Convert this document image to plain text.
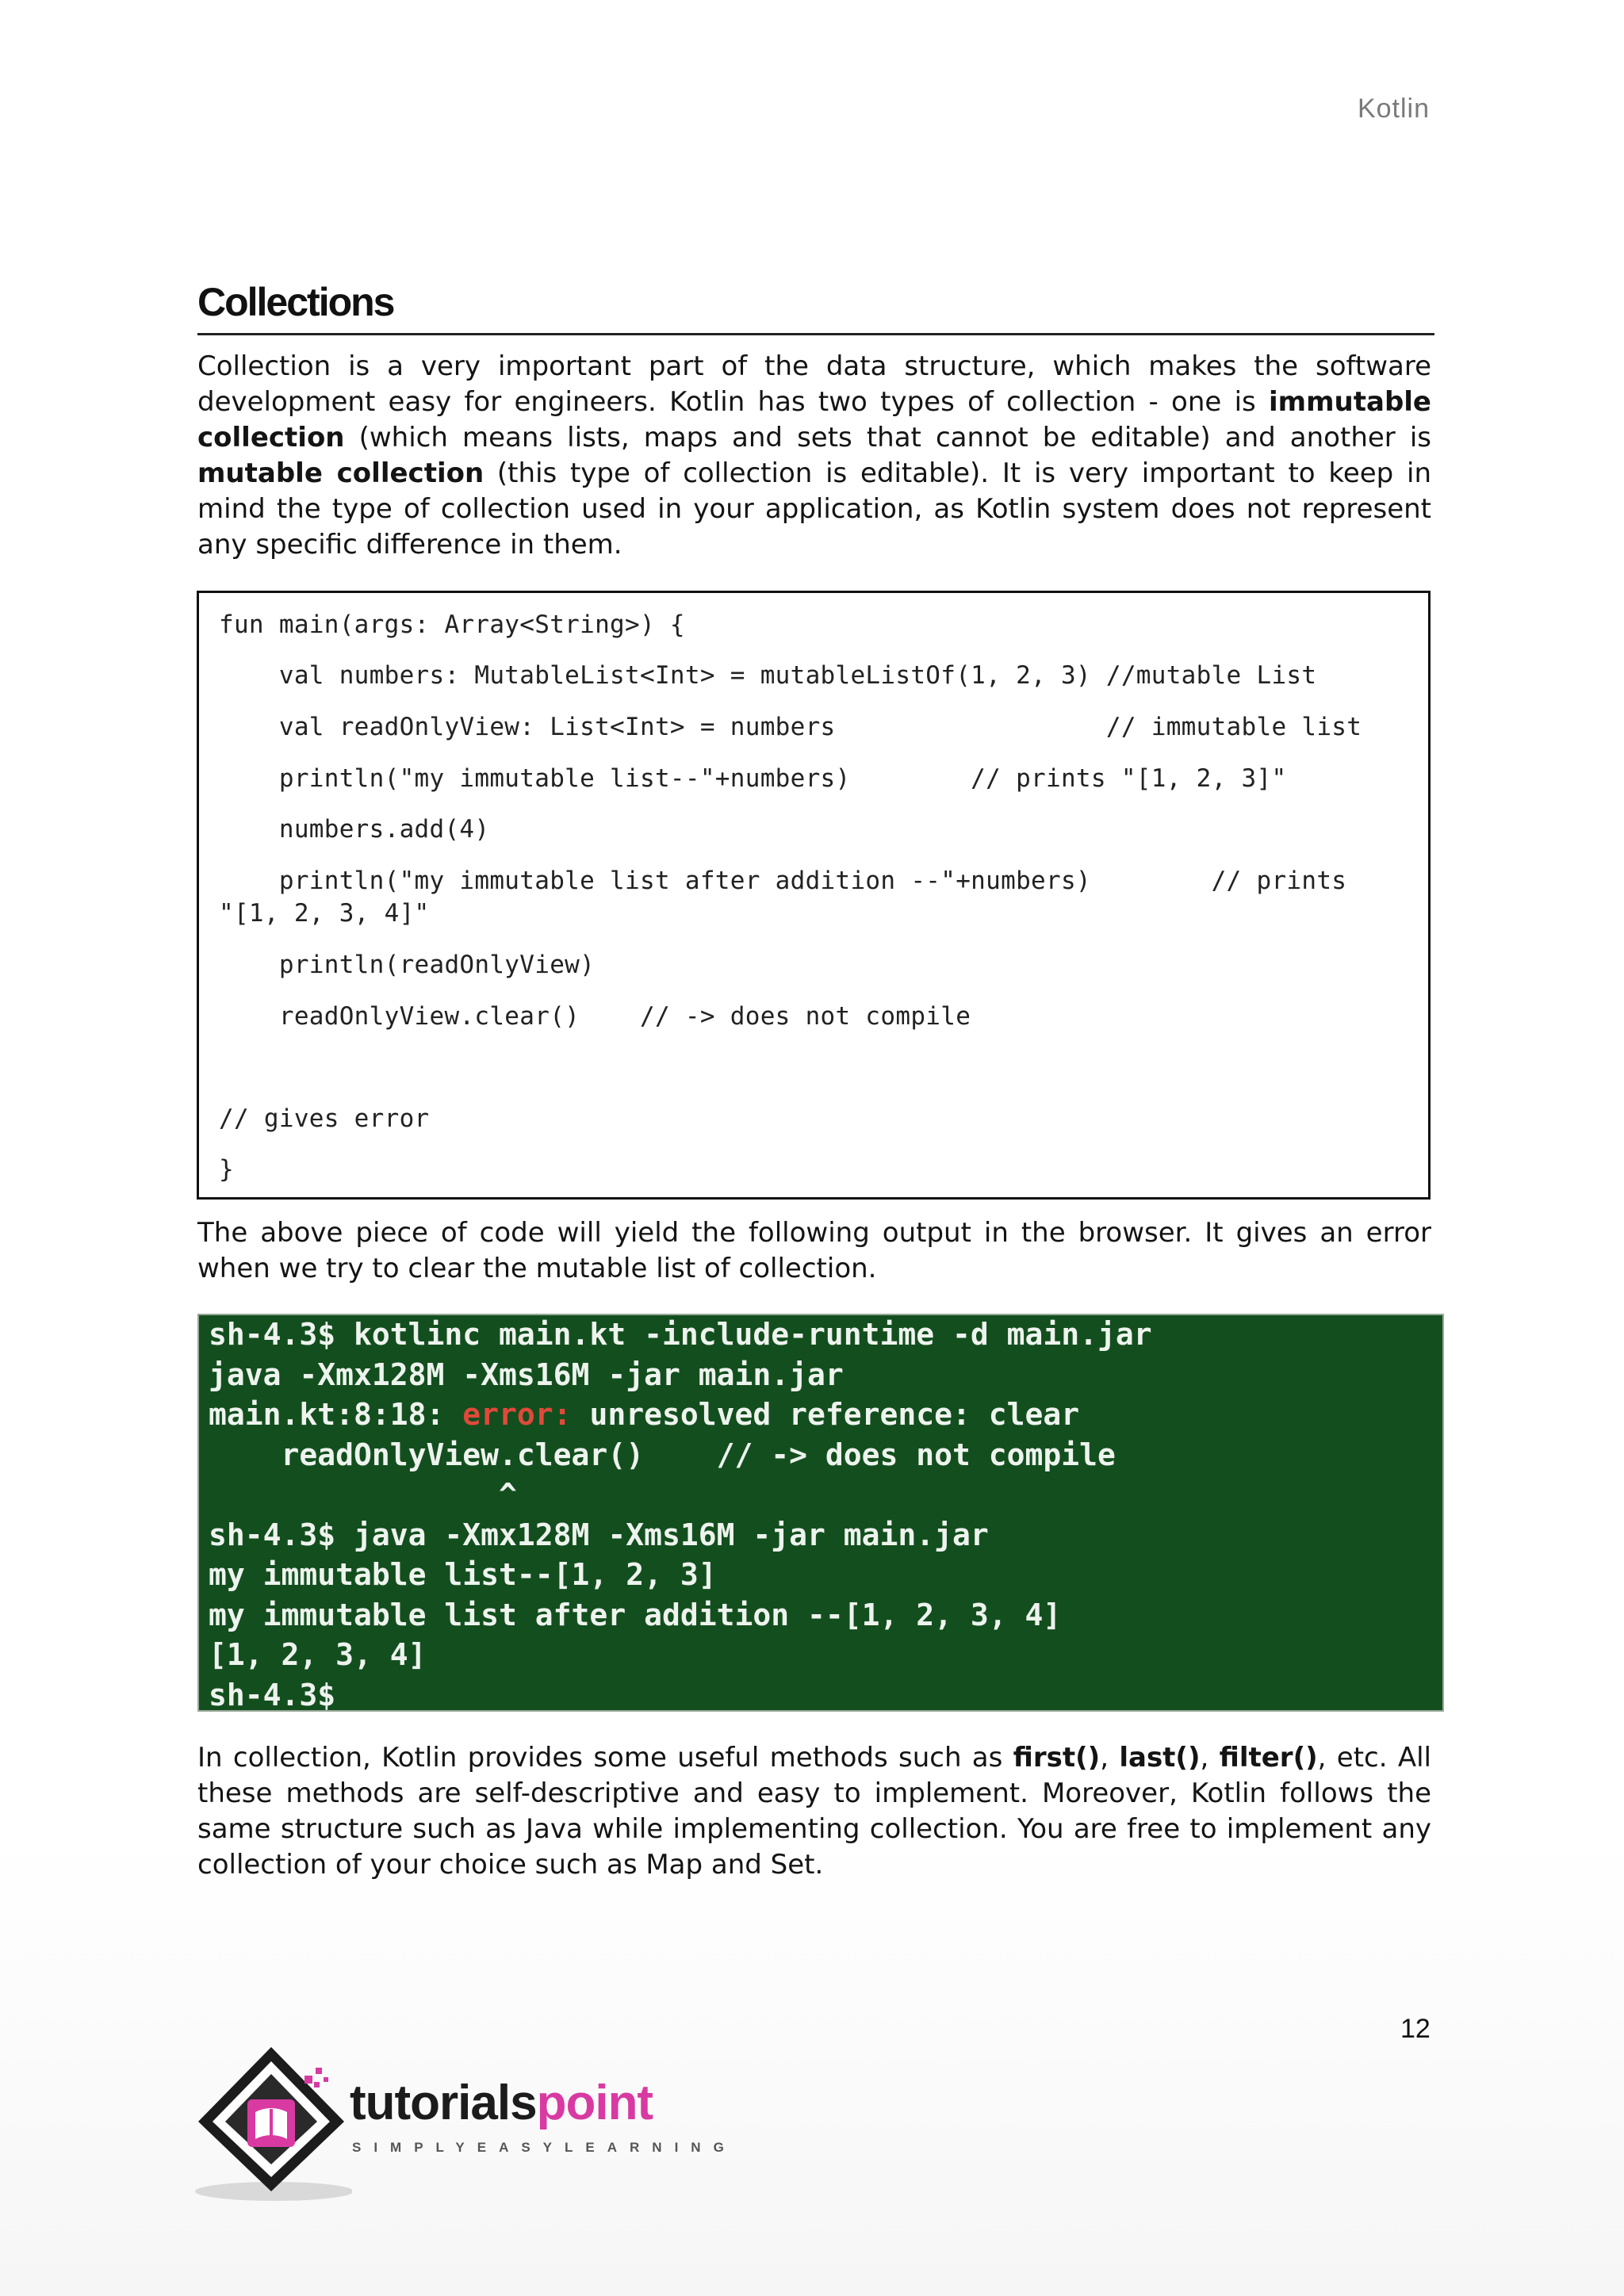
Kotlin
Collections

Collection is a very important part of the data structure, which makes the software development easy for engineers. Kotlin has two types of collection - one is immutable collection (which means lists, maps and sets that cannot be editable) and another is mutable collection (this type of collection is editable). It is very important to keep in mind the type of collection used in your application, as Kotlin system does not represent any specific difference in them.

fun main(args: Array<String>) {
val numbers: MutableList<Int> = mutableListOf(1, 2, 3) //mutable List
val readOnlyView: List<Int> = numbers                  // immutable list
println("my immutable list--"+numbers)        // prints "[1, 2, 3]"
numbers.add(4)
println("my immutable list after addition --"+numbers)        // prints
"[1, 2, 3, 4]"
println(readOnlyView)
readOnlyView.clear()    // -> does not compile
// gives error
}

The above piece of code will yield the following output in the browser. It gives an error when we try to clear the mutable list of collection.

sh-4.3$ kotlinc main.kt -include-runtime -d main.jar
java -Xmx128M -Xms16M -jar main.jar
main.kt:8:18: error: unresolved reference: clear
readOnlyView.clear()    // -> does not compile
^
sh-4.3$ java -Xmx128M -Xms16M -jar main.jar
my immutable list--[1, 2, 3]
my immutable list after addition --[1, 2, 3, 4]
[1, 2, 3, 4]
sh-4.3$

In collection, Kotlin provides some useful methods such as first(), last(), filter(), etc. All these methods are self-descriptive and easy to implement. Moreover, Kotlin follows the same structure such as Java while implementing collection. You are free to implement any collection of your choice such as Map and Set.

12
tutorialspoint
SIMPLYEASYLEARNING
